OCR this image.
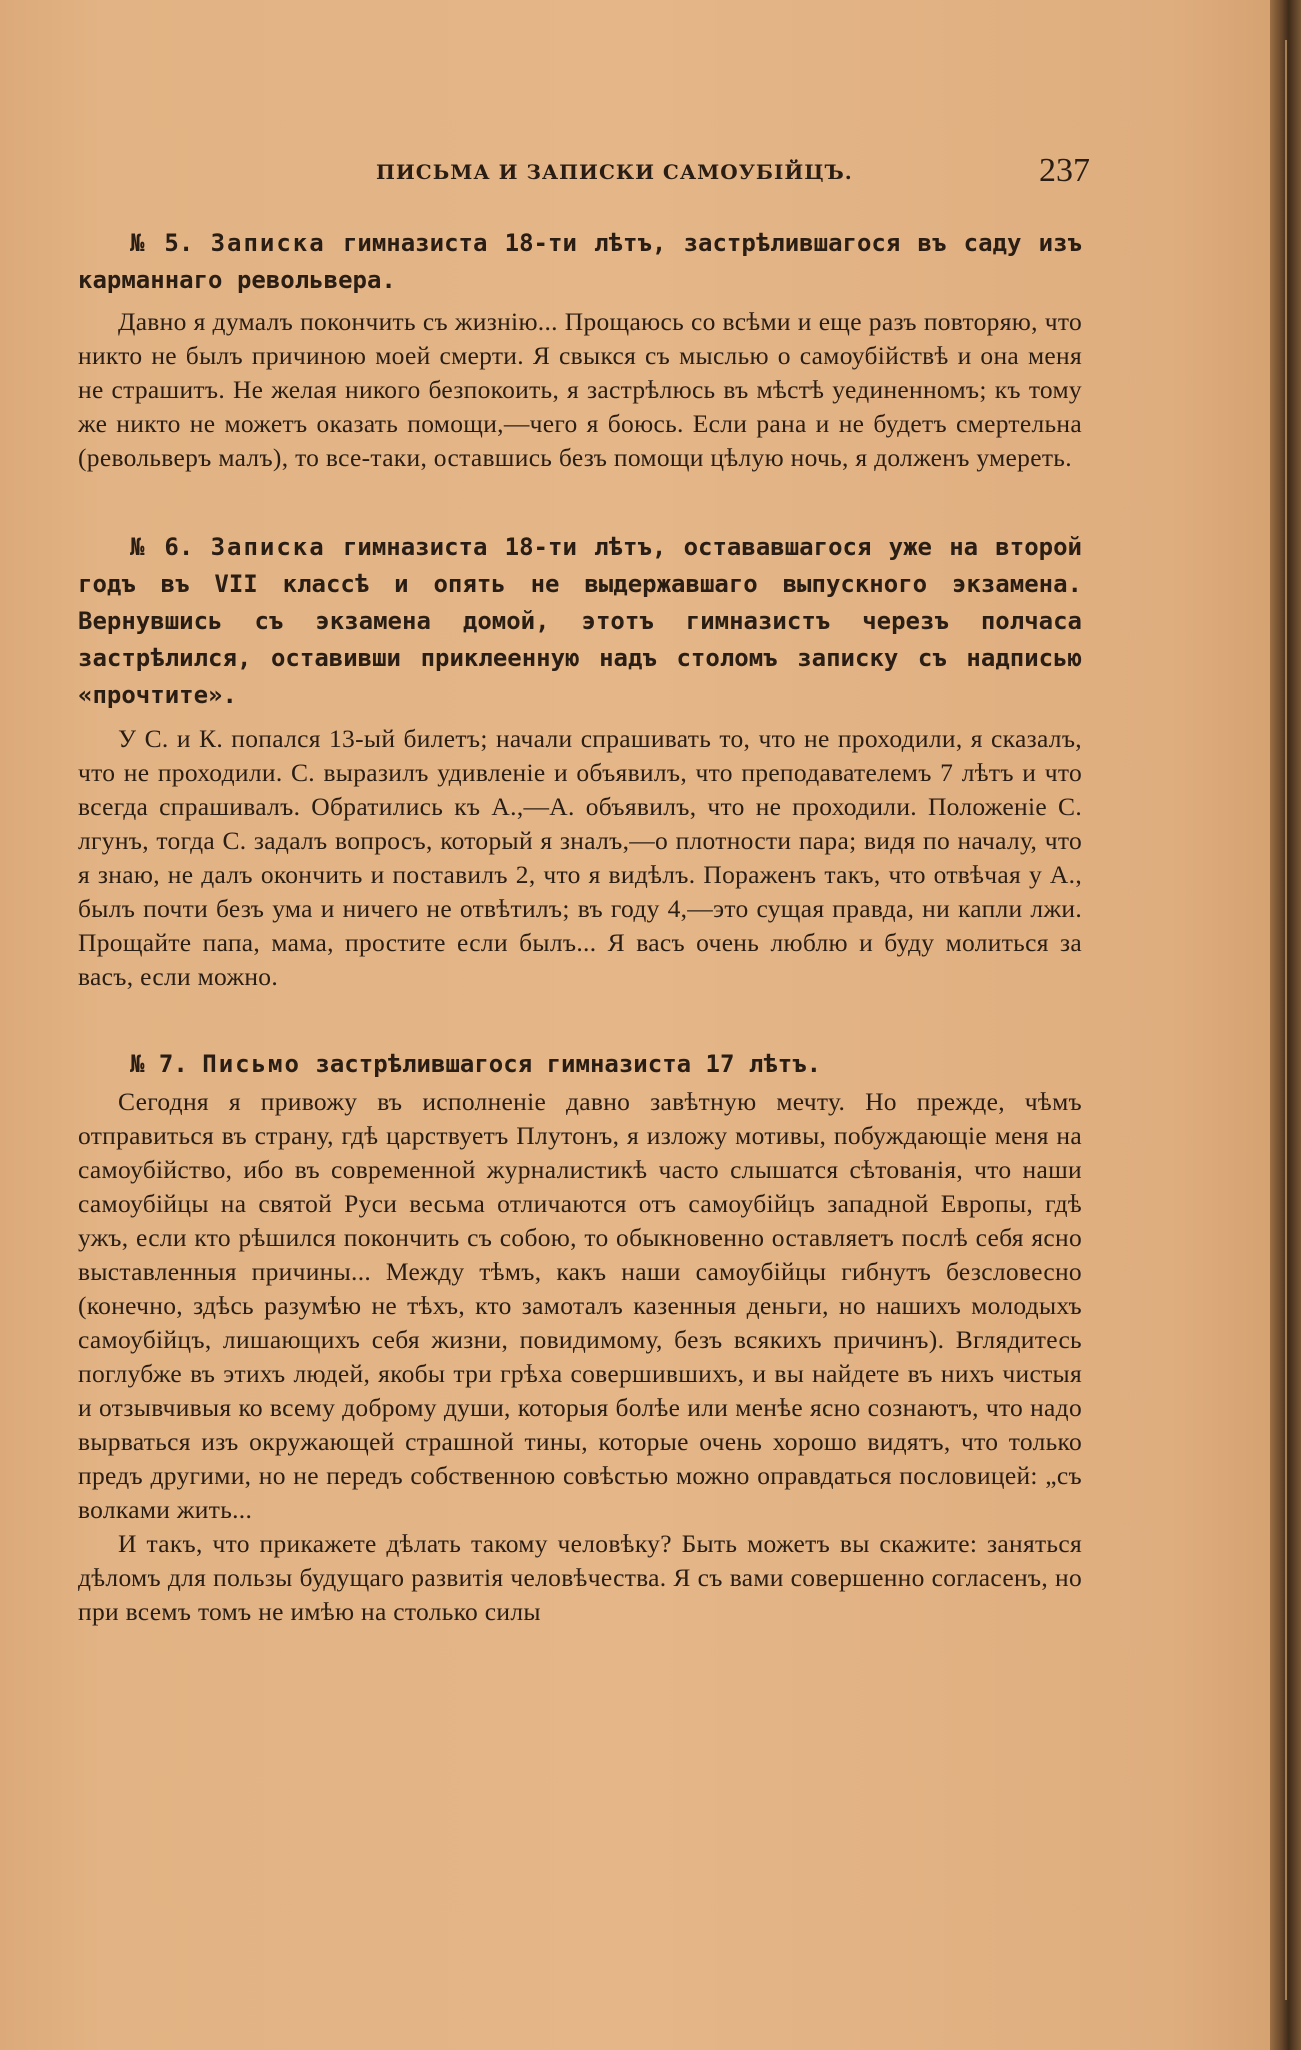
ПИСЬМА И ЗАПИСКИ САМОУБІЙЦЪ.	237

№ 5. Записка гимназиста 18-ти лѣтъ, застрѣлившагося въ саду изъ карманнаго револьвера.

Давно я думалъ покончить съ жизнію... Прощаюсь со всѣми и еще разъ повторяю, что никто не былъ причиною моей смерти. Я свыкся съ мыслью о самоубійствѣ и она меня не страшитъ. Не желая никого безпокоить, я застрѣлюсь въ мѣстѣ уединенномъ; къ тому же никто не можетъ оказать помощи,—чего я боюсь. Если рана и не будетъ смертельна (револьверъ малъ), то все-таки, оставшись безъ помощи цѣлую ночь, я долженъ умереть.

№ 6. Записка гимназиста 18-ти лѣтъ, остававшагося уже на второй годъ въ VII классѣ и опять не выдержавшаго выпускного экзамена. Вернувшись съ экзамена домой, этотъ гимназистъ черезъ полчаса застрѣлился, оставивши приклеенную надъ столомъ записку съ надписью «прочтите».

У С. и К. попался 13-ый билетъ; начали спрашивать то, что не проходили, я сказалъ, что не проходили. С. выразилъ удивленіе и объявилъ, что преподавателемъ 7 лѣтъ и что всегда спрашивалъ. Обратились къ А.,—А. объявилъ, что не проходили. Положеніе С. лгунъ, тогда С. задалъ вопросъ, который я зналъ,—о плотности пара; видя по началу, что я знаю, не далъ окончить и поставилъ 2, что я видѣлъ. Пораженъ такъ, что отвѣчая у А., былъ почти безъ ума и ничего не отвѣтилъ; въ году 4,—это сущая правда, ни капли лжи. Прощайте папа, мама, простите если былъ... Я васъ очень люблю и буду молиться за васъ, если можно.

№ 7. Письмо застрѣлившагося гимназиста 17 лѣтъ.

Сегодня я привожу въ исполненіе давно завѣтную мечту. Но прежде, чѣмъ отправиться въ страну, гдѣ царствуетъ Плутонъ, я изложу мотивы, побуждающіе меня на самоубійство, ибо въ современной журналистикѣ часто слышатся сѣтованія, что наши самоубійцы на святой Руси весьма отличаются отъ самоубійцъ западной Европы, гдѣ ужъ, если кто рѣшился покончить съ собою, то обыкновенно оставляетъ послѣ себя ясно выставленныя причины... Между тѣмъ, какъ наши самоубійцы гибнутъ безсловесно (конечно, здѣсь разумѣю не тѣхъ, кто замоталъ казенныя деньги, но нашихъ молодыхъ самоубійцъ, лишающихъ себя жизни, повидимому, безъ всякихъ причинъ). Вглядитесь поглубже въ этихъ людей, якобы три грѣха совершившихъ, и вы найдете въ нихъ чистыя и отзывчивыя ко всему доброму души, которыя болѣе или менѣе ясно сознаютъ, что надо вырваться изъ окружающей страшной тины, которые очень хорошо видятъ, что только предъ другими, но не передъ собственною совѣстью можно оправдаться пословицей: „съ волками жить...

И такъ, что прикажете дѣлать такому человѣку? Быть можетъ вы скажите: заняться дѣломъ для пользы будущаго развитія человѣчества. Я съ вами совершенно согласенъ, но при всемъ томъ не имѣю на столько силы
